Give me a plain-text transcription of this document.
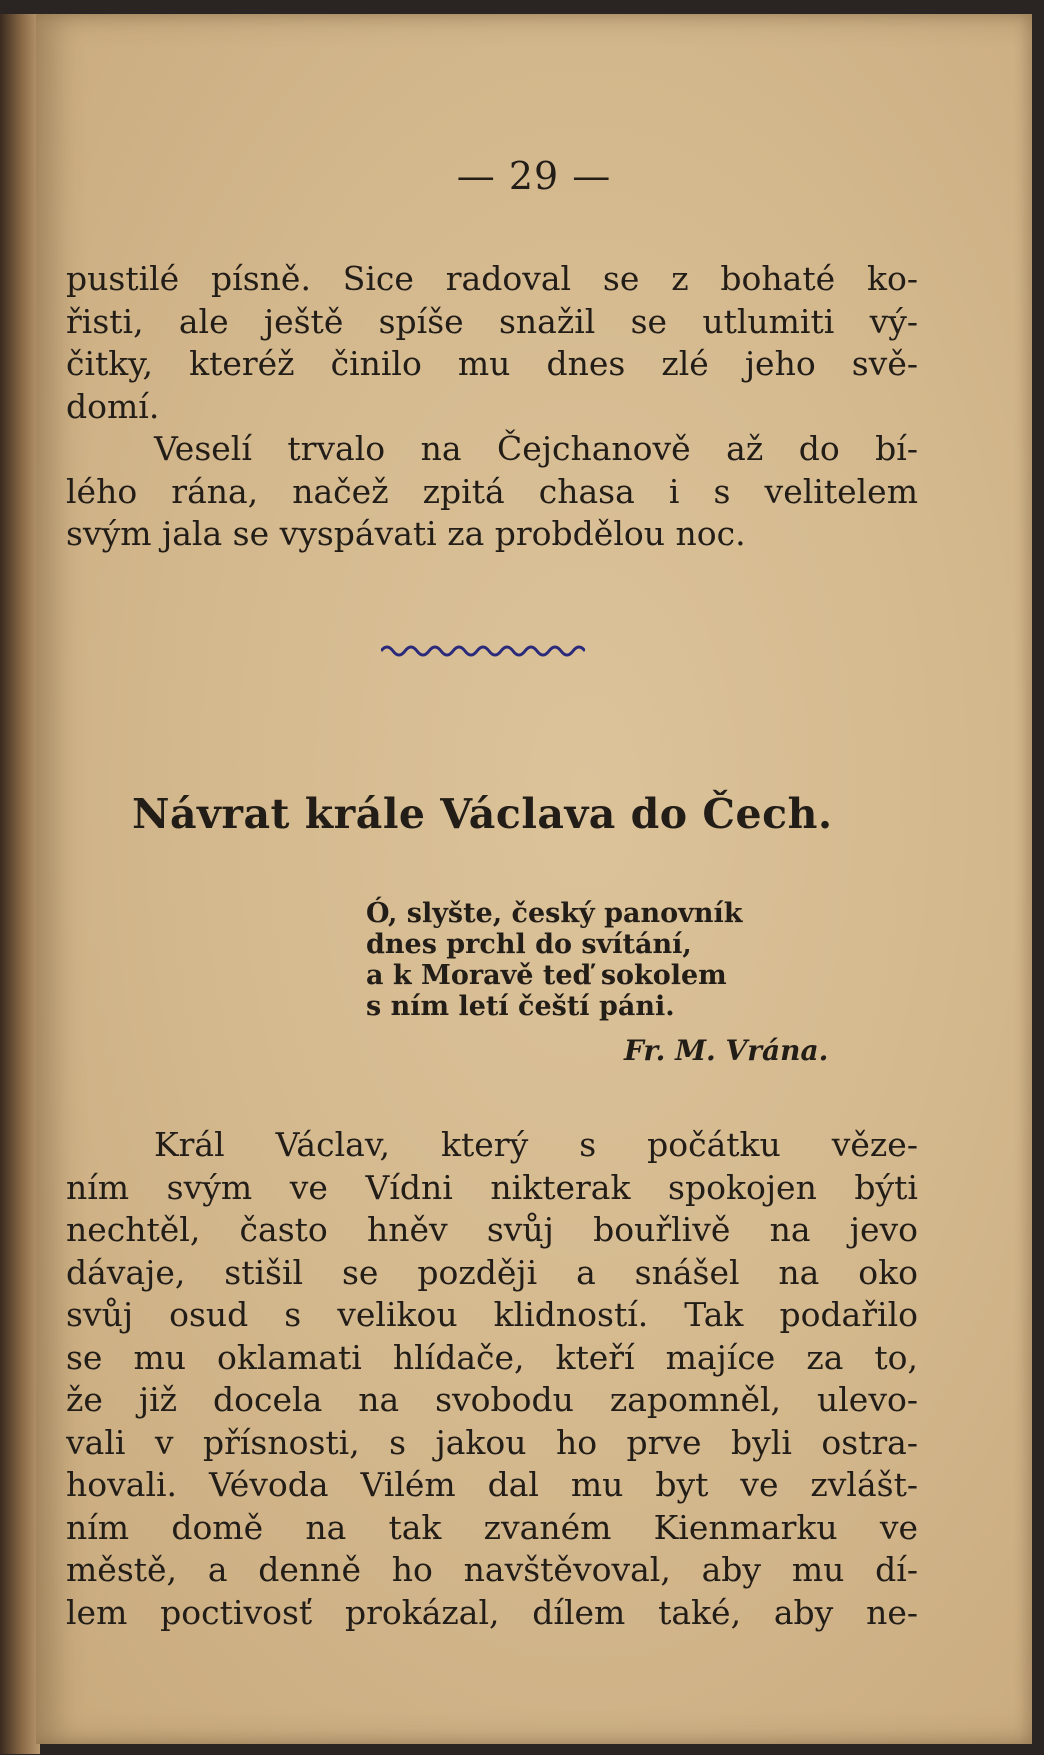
— 29 —
pustilé písně. Sice radoval se z bohaté ko-
řisti, ale ještě spíše snažil se utlumiti vý-
čitky, kteréž činilo mu dnes zlé jeho svě-
domí.
Veselí trvalo na Čejchanově až do bí-
lého rána, načež zpitá chasa i s velitelem
svým jala se vyspávati za probdělou noc.
Návrat krále Václava do Čech.
Ó, slyšte, český panovník
dnes prchl do svítání,
a k Moravě teď sokolem
s ním letí čeští páni.
Fr. M. Vrána.
Král Václav, který s počátku věze-
ním svým ve Vídni nikterak spokojen býti
nechtěl, často hněv svůj bouřlivě na jevo
dávaje, stišil se později a snášel na oko
svůj osud s velikou klidností. Tak podařilo
se mu oklamati hlídače, kteří majíce za to,
že již docela na svobodu zapomněl, ulevo-
vali v přísnosti, s jakou ho prve byli ostra-
hovali. Vévoda Vilém dal mu byt ve zvlášt-
ním domě na tak zvaném Kienmarku ve
městě, a denně ho navštěvoval, aby mu dí-
lem poctivosť prokázal, dílem také, aby ne-
